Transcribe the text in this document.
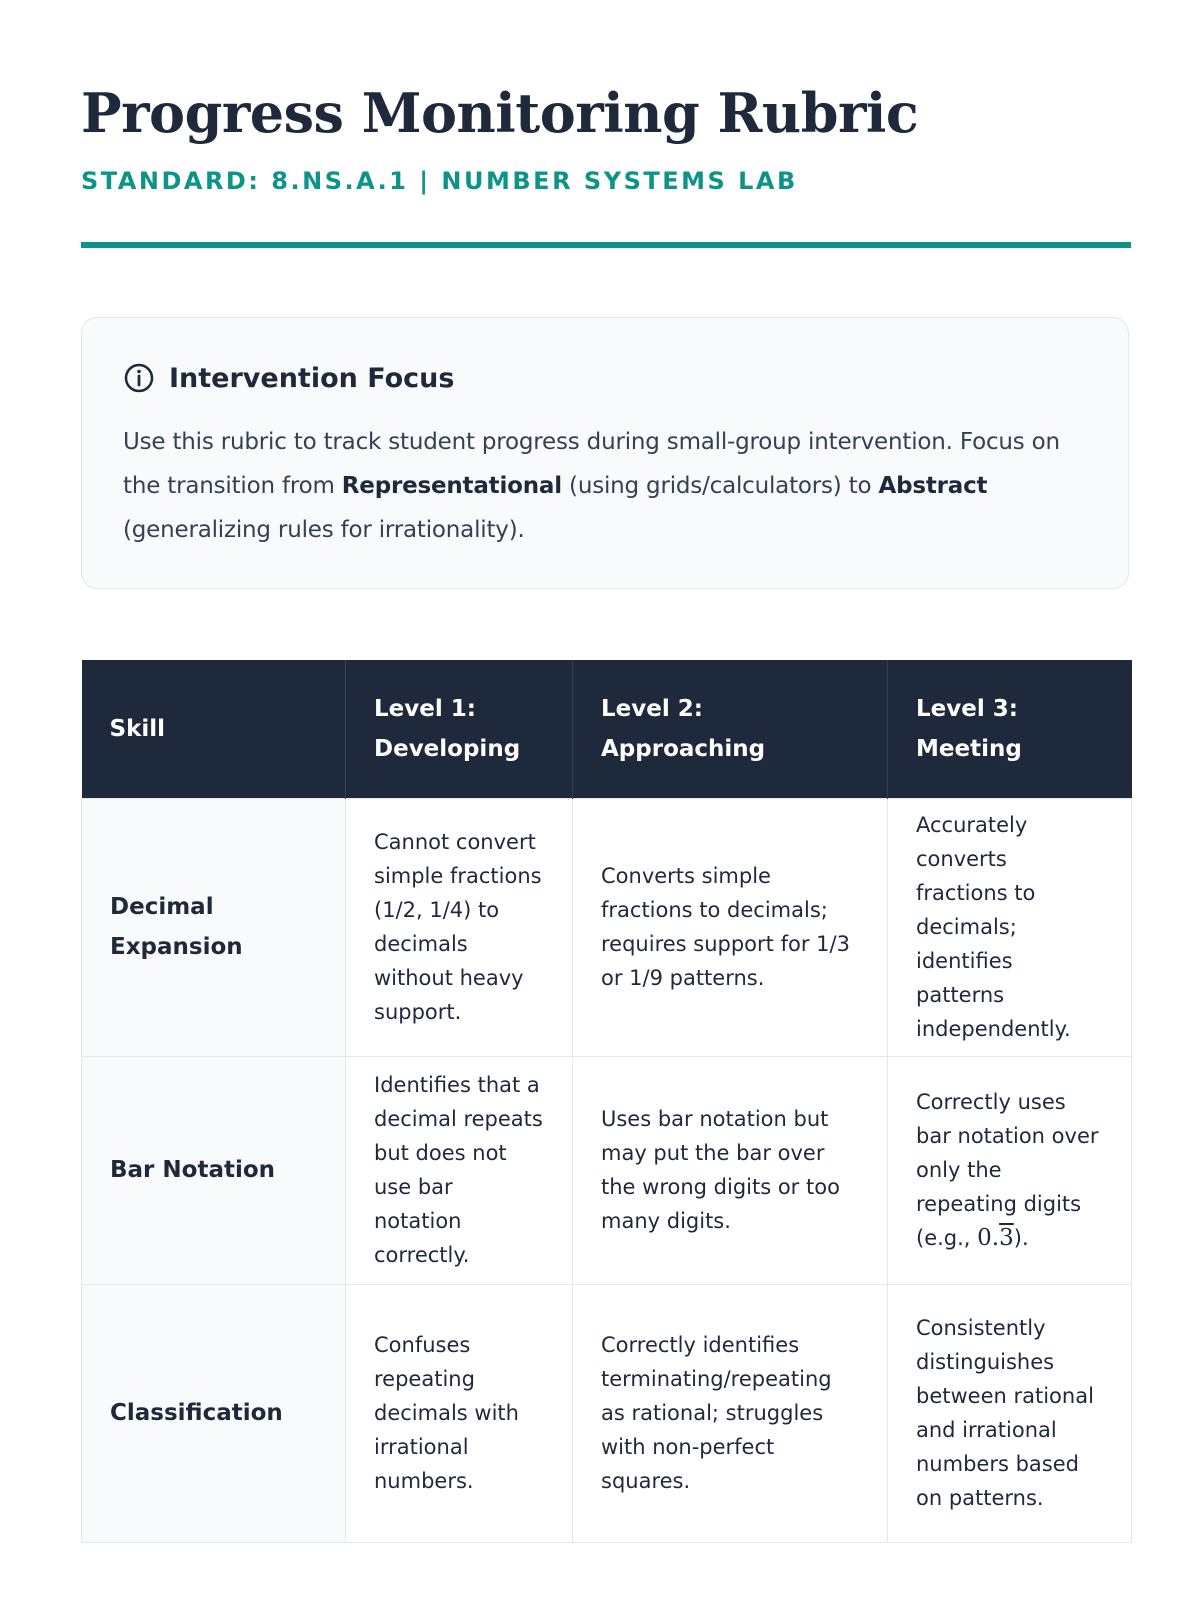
Progress Monitoring Rubric
STANDARD: 8.NS.A.1 | NUMBER SYSTEMS LAB
Intervention Focus
Use this rubric to track student progress during small-group intervention. Focus on the transition from Representational (using grids/calculators) to Abstract (generalizing rules for irrationality).
Skill	Level 1: Developing	Level 2: Approaching	Level 3: Meeting
Decimal Expansion	Cannot convert simple fractions (1/2, 1/4) to decimals without heavy support.	Converts simple fractions to decimals; requires support for 1/3 or 1/9 patterns.	Accurately converts fractions to decimals; identifies patterns independently.
Bar Notation	Identifies that a decimal repeats but does not use bar notation correctly.	Uses bar notation but may put the bar over the wrong digits or too many digits.	Correctly uses bar notation over only the repeating digits (e.g., 0.3).
Classification	Confuses repeating decimals with irrational numbers.	Correctly identifies terminating/repeating as rational; struggles with non-perfect squares.	Consistently distinguishes between rational and irrational numbers based on patterns.
